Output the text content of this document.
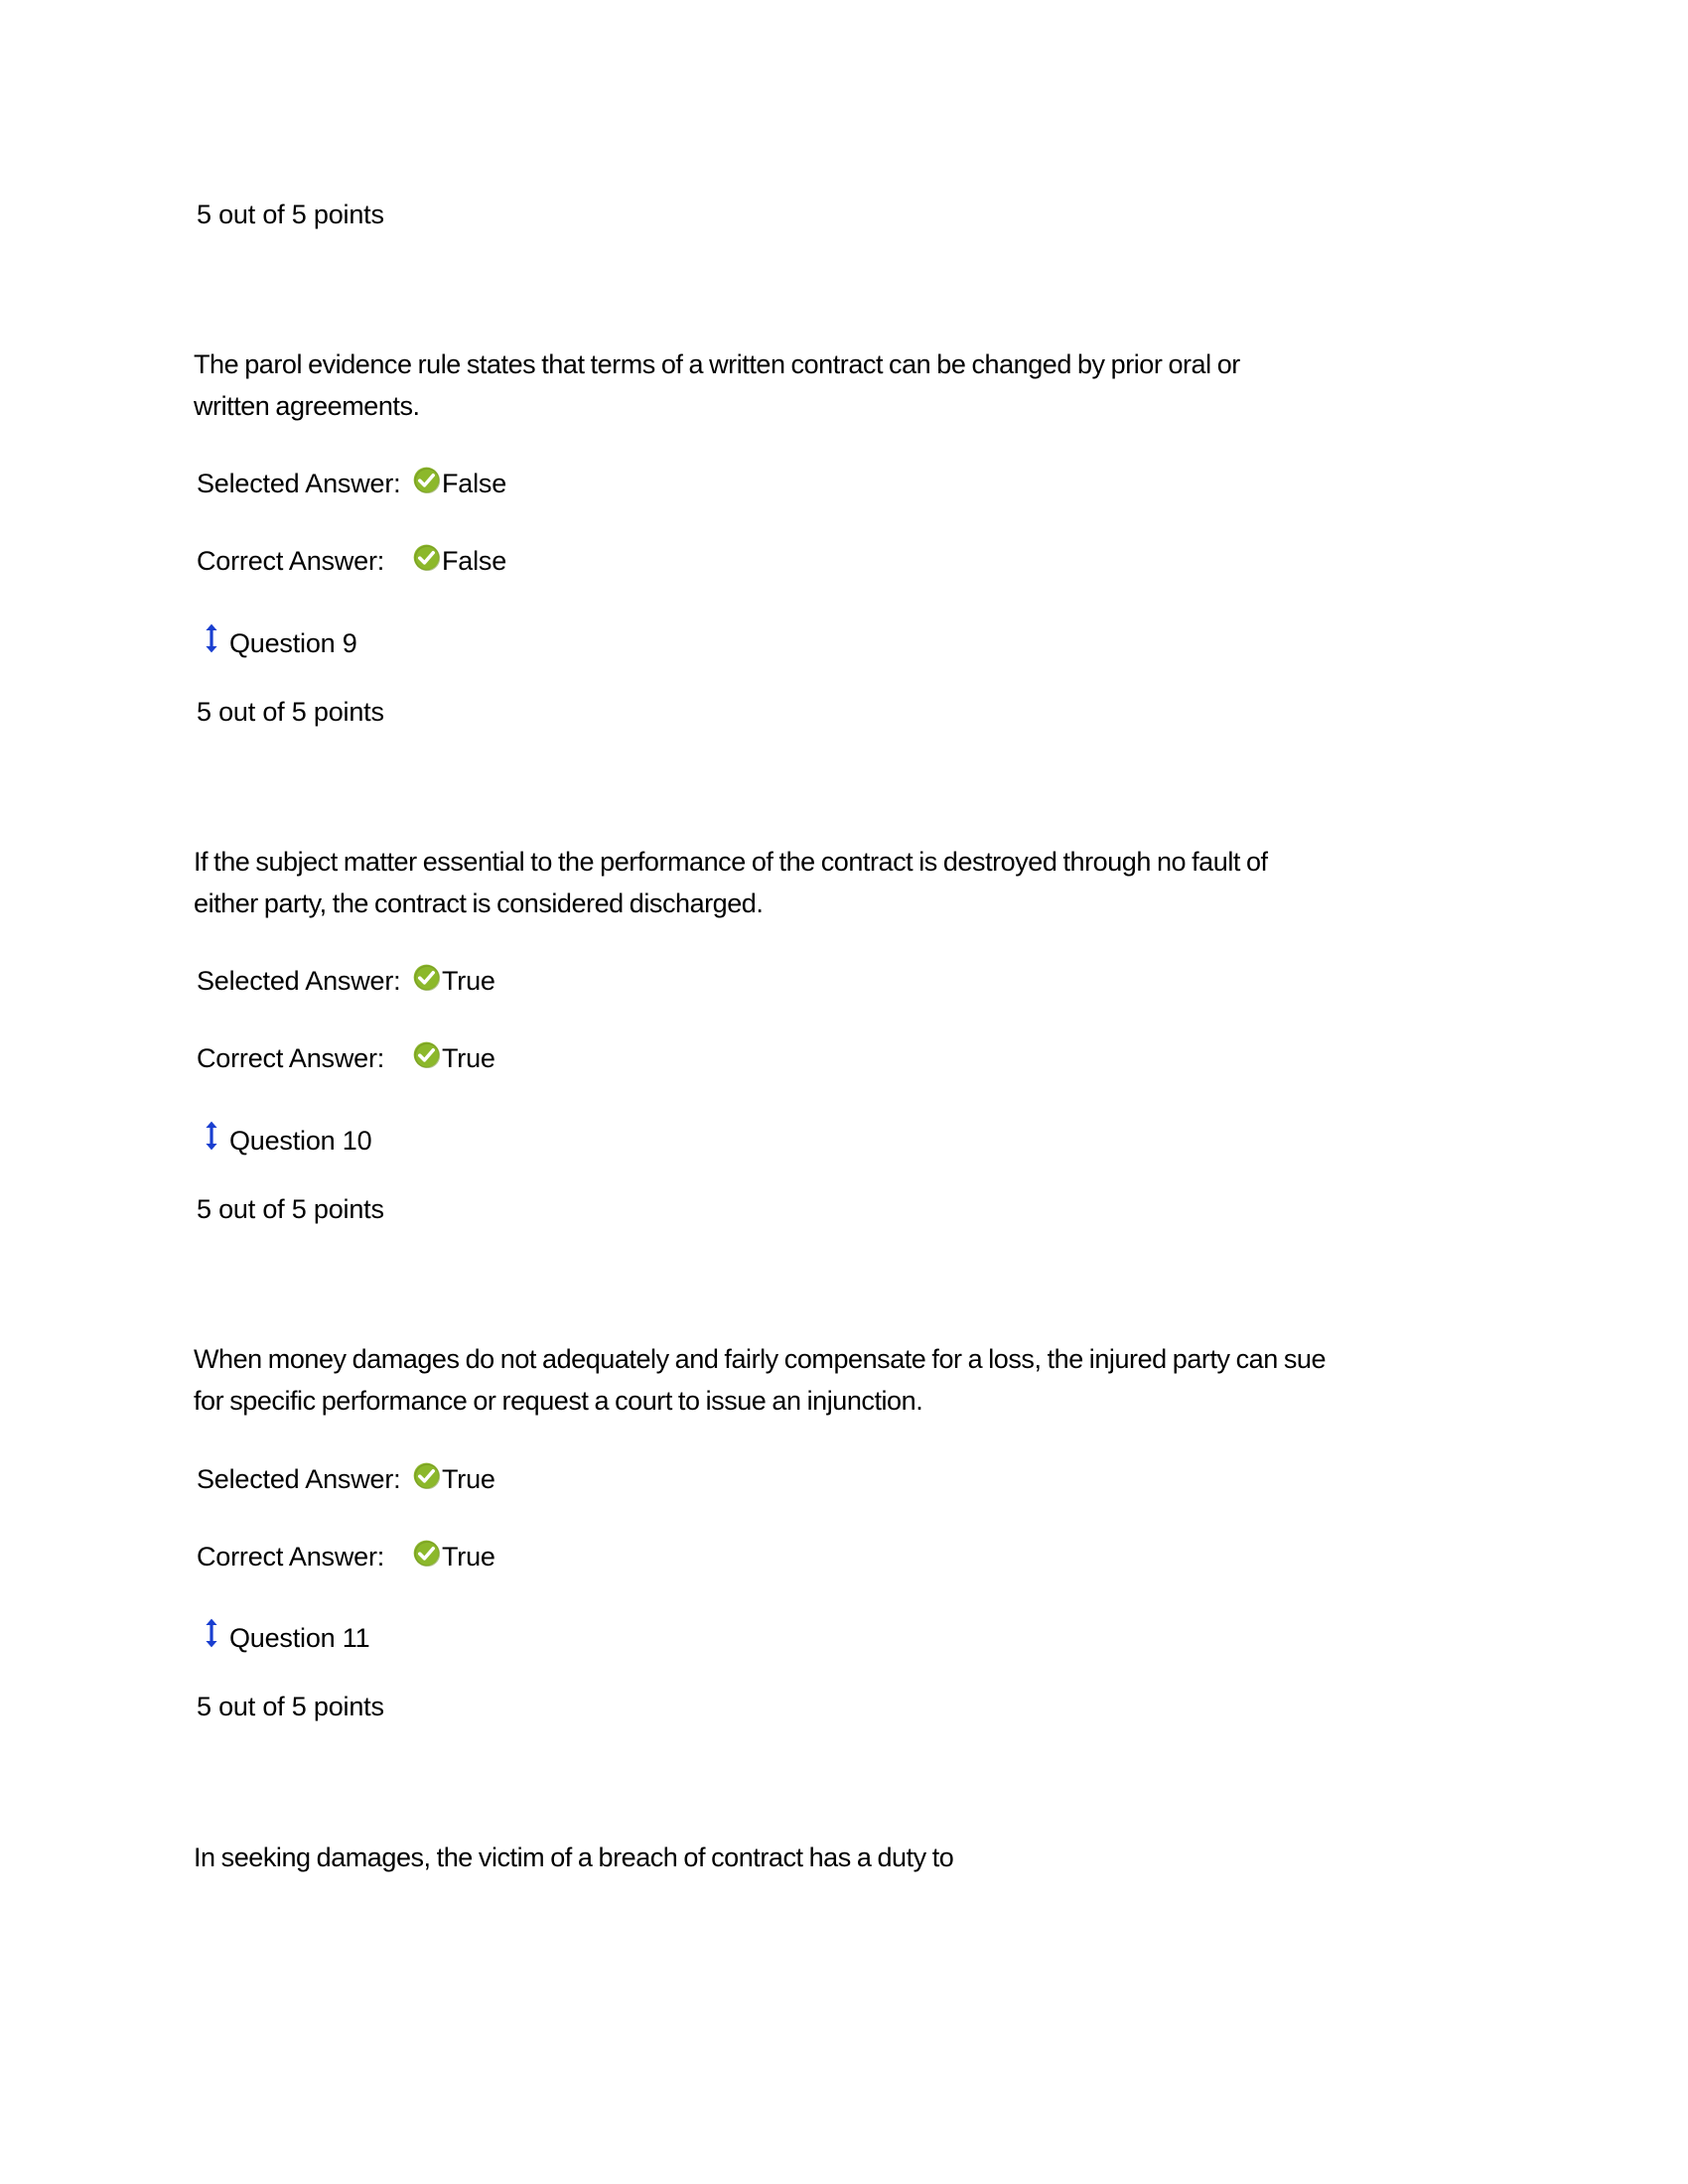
5 out of 5 points
The parol evidence rule states that terms of a written contract can be changed by prior oral or
written agreements.
Selected Answer:	False
Correct Answer:	False
Question 9
5 out of 5 points
If the subject matter essential to the performance of the contract is destroyed through no fault of
either party, the contract is considered discharged.
Selected Answer:	True
Correct Answer:	True
Question 10
5 out of 5 points
When money damages do not adequately and fairly compensate for a loss, the injured party can sue
for specific performance or request a court to issue an injunction.
Selected Answer:	True
Correct Answer:	True
Question 11
5 out of 5 points
In seeking damages, the victim of a breach of contract has a duty to
